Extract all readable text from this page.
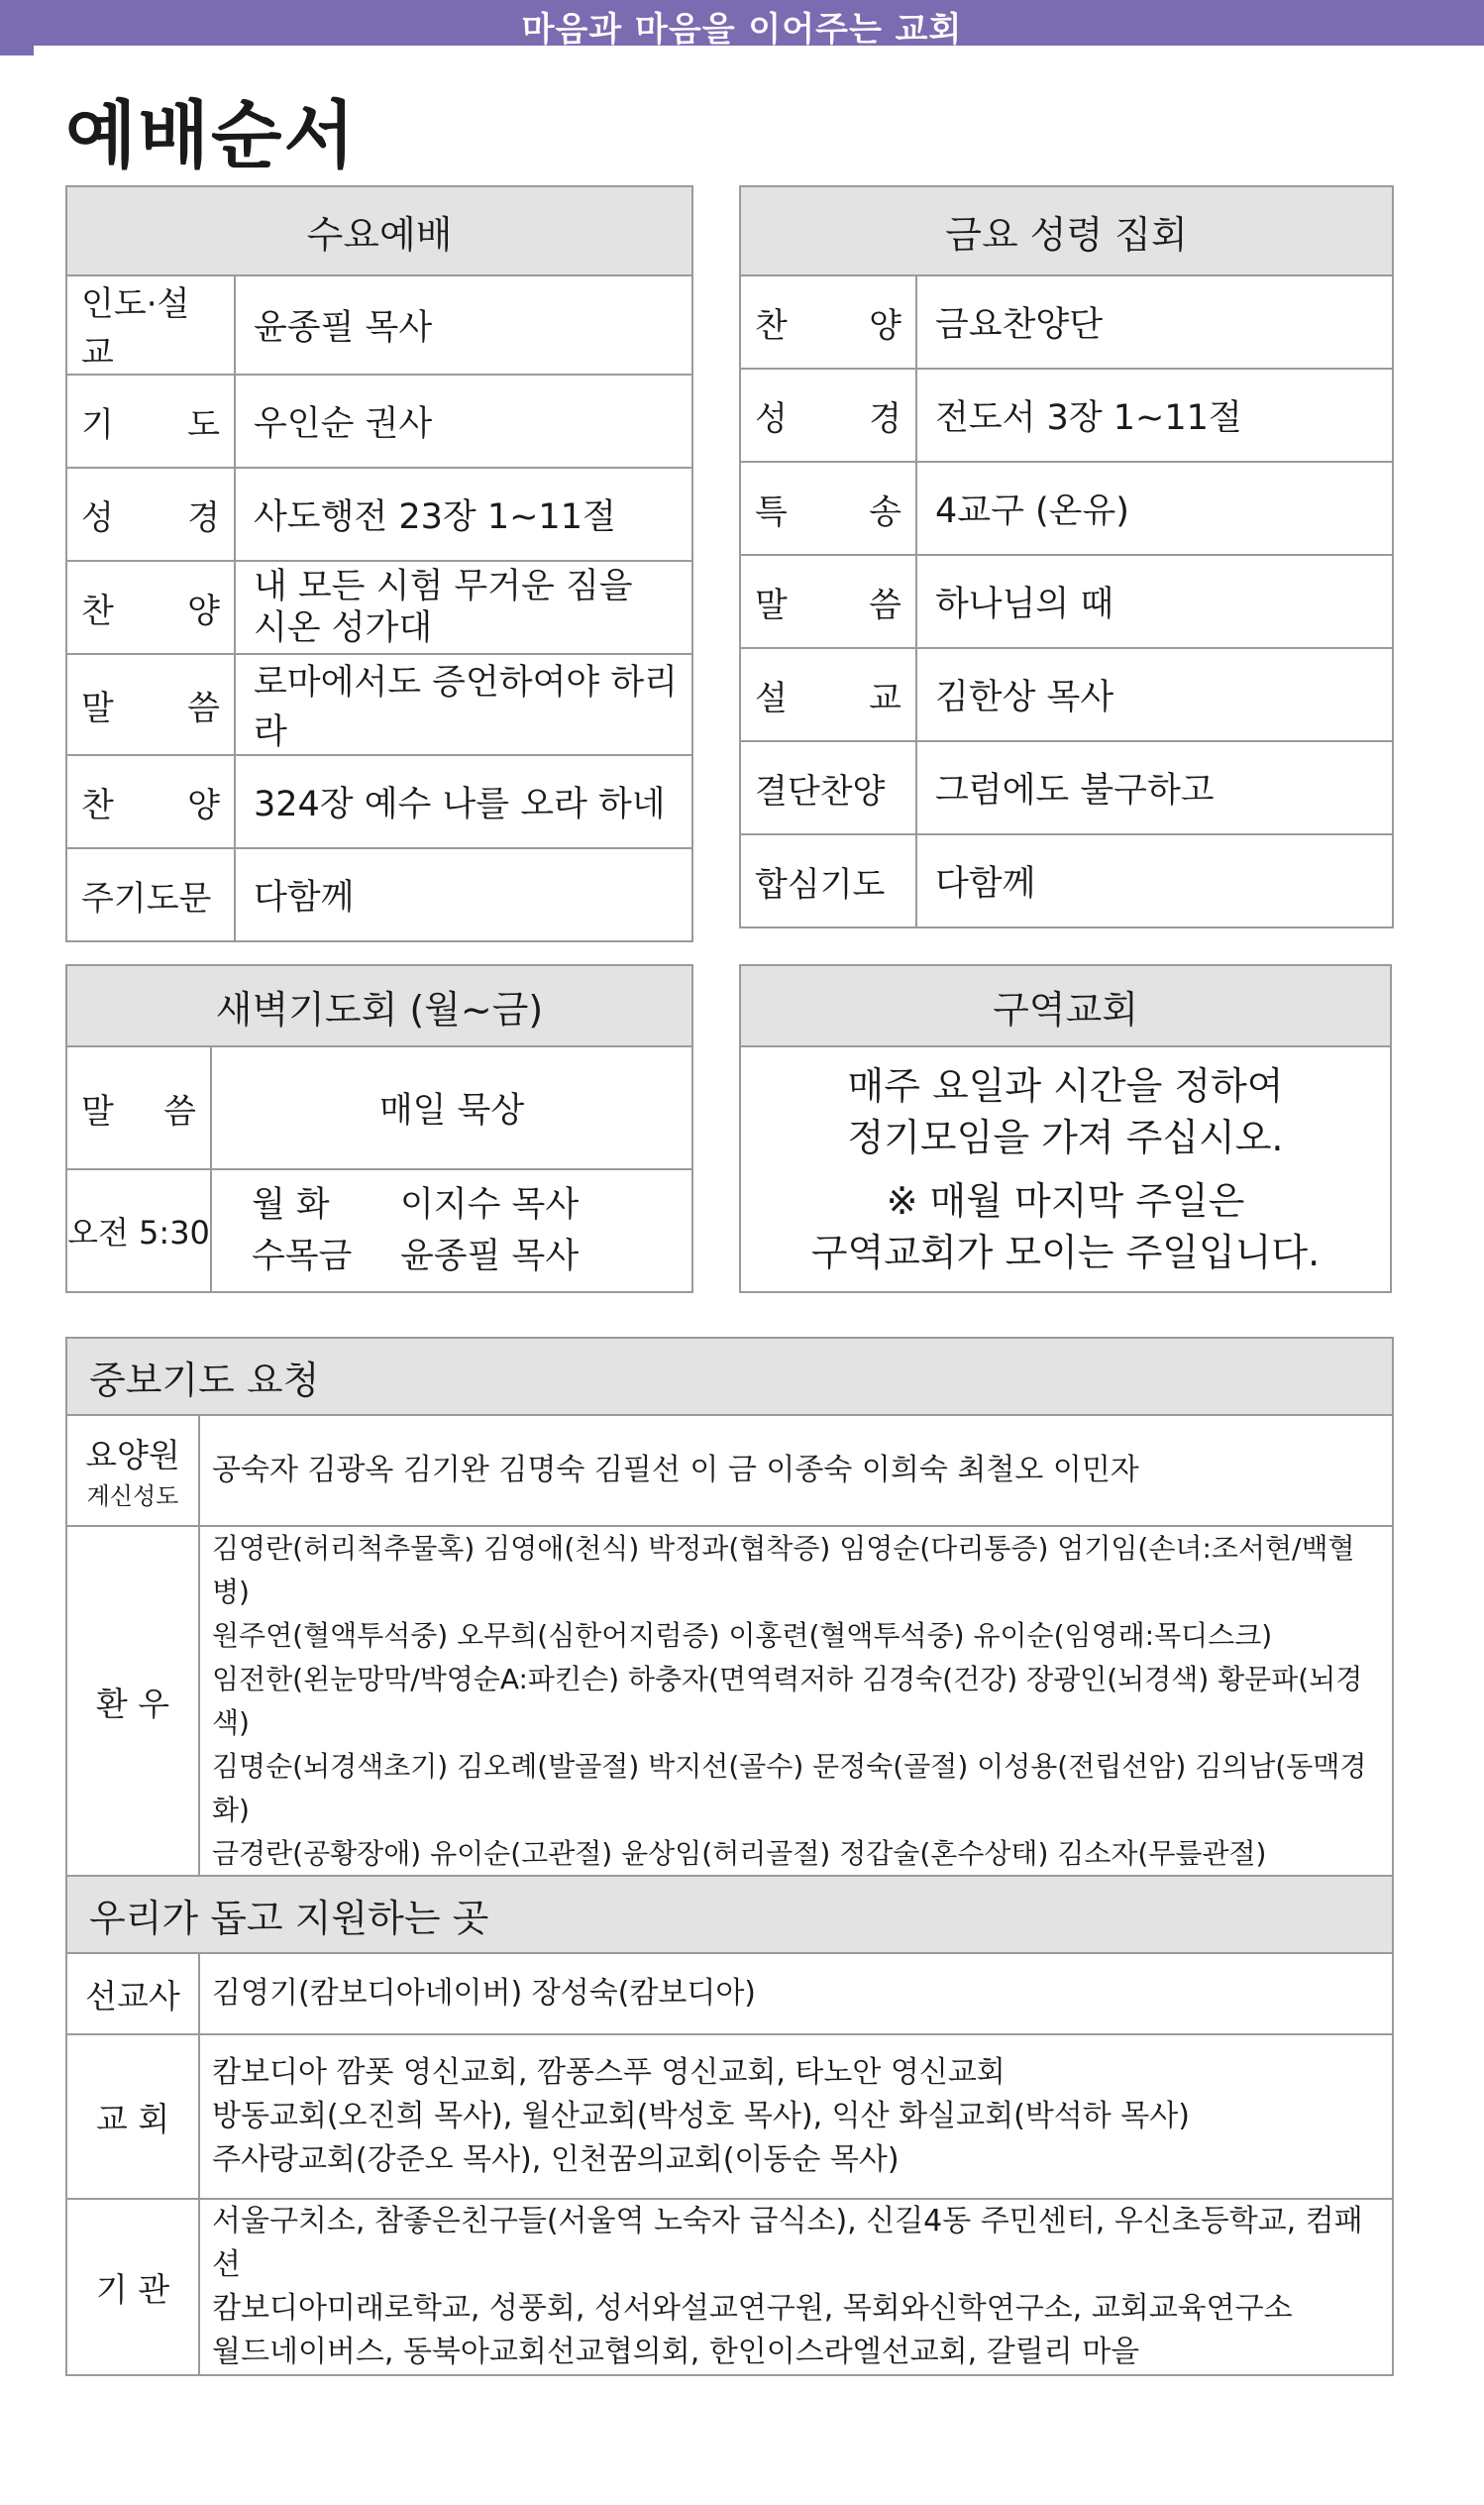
마음과 마음을 이어주는 교회
예배순서
수요예배	
인도·설교	윤종필 목사
기 도	우인순 권사
성 경	사도행전 23장 1~11절
찬 양	내 모든 시험 무거운 짐을
시온 성가대

말 씀	로마에서도 증언하여야 하리라
찬 양	324장 예수 나를 오라 하네
주기도문	다함께
금요 성령 집회	
찬 양	금요찬양단
성 경	전도서 3장 1~11절
특 송	4교구 (온유)
말 씀	하나님의 때
설 교	김한상 목사
결단찬양	그럼에도 불구하고
합심기도	다함께
새벽기도회 (월~금)	
말 씀	매일 묵상
오전 5:30	월 화 이지수 목사
수목금 윤종필 목사
구역교회

매주 요일과 시간을 정하여
정기모임을 가져 주십시오.
※ 매월 마지막 주일은
구역교회가 모이는 주일입니다.
중보기도 요청	
요양원
계신성도	공숙자 김광옥 김기완 김명숙 김필선 이 금 이종숙 이희숙 최철오 이민자
환 우	김영란(허리척추물혹) 김영애(천식) 박정과(협착증) 임영순(다리통증) 엄기임(손녀:조서현/백혈병)
원주연(혈액투석중) 오무희(심한어지럼증) 이홍련(혈액투석중) 유이순(임영래:목디스크)
임전한(왼눈망막/박영순A:파킨슨) 하충자(면역력저하 김경숙(건강) 장광인(뇌경색) 황문파(뇌경색)
김명순(뇌경색초기) 김오례(발골절) 박지선(골수) 문정숙(골절) 이성용(전립선암) 김의남(동맥경화)
금경란(공황장애) 유이순(고관절) 윤상임(허리골절) 정갑술(혼수상태) 김소자(무릎관절)
우리가 돕고 지원하는 곳	
선교사	김영기(캄보디아네이버) 장성숙(캄보디아)
교 회	캄보디아 깜폿 영신교회, 깜퐁스푸 영신교회, 타노안 영신교회
방동교회(오진희 목사), 월산교회(박성호 목사), 익산 화실교회(박석하 목사)
주사랑교회(강준오 목사), 인천꿈의교회(이동순 목사)

기 관	서울구치소, 참좋은친구들(서울역 노숙자 급식소), 신길4동 주민센터, 우신초등학교, 컴패션
캄보디아미래로학교, 성풍회, 성서와설교연구원, 목회와신학연구소, 교회교육연구소
월드네이버스, 동북아교회선교협의회, 한인이스라엘선교회, 갈릴리 마을
